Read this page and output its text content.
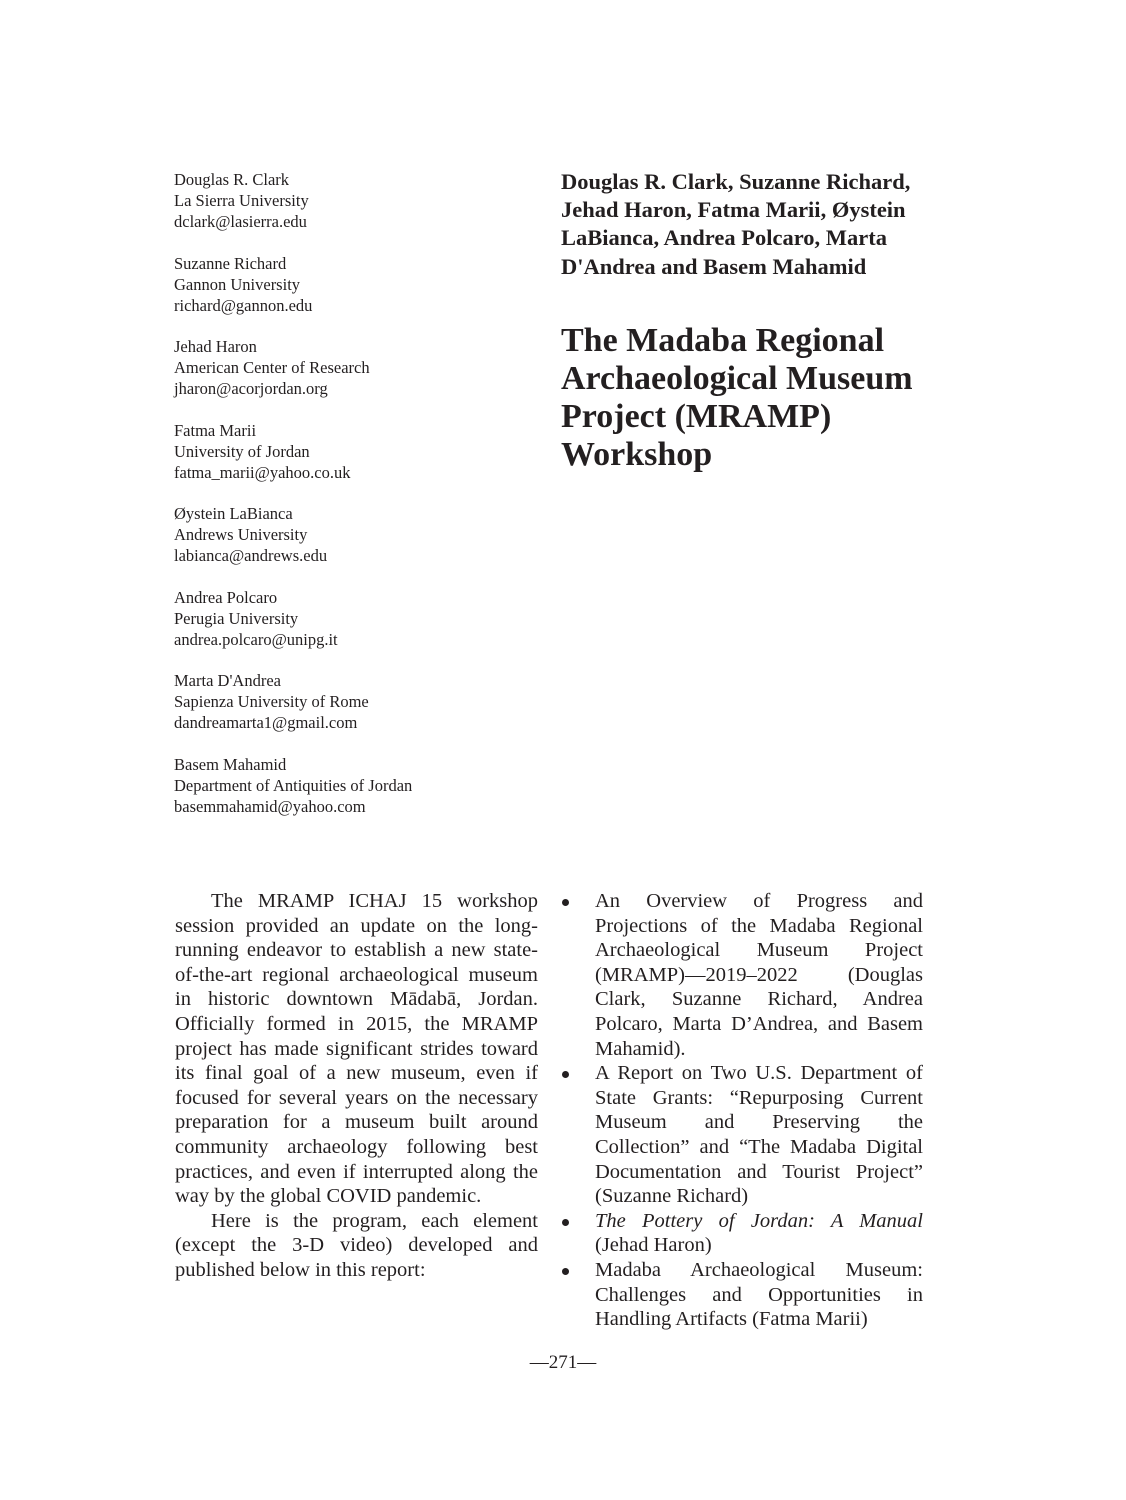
Douglas R. Clark
La Sierra University
dclark@lasierra.edu
Suzanne Richard
Gannon University
richard@gannon.edu
Jehad Haron
American Center of Research
jharon@acorjordan.org
Fatma Marii
University of Jordan
fatma_marii@yahoo.co.uk
Øystein LaBianca
Andrews University
labianca@andrews.edu
Andrea Polcaro
Perugia University
andrea.polcaro@unipg.it
Marta D'Andrea
Sapienza University of Rome
dandreamarta1@gmail.com
Basem Mahamid
Department of Antiquities of Jordan
basemmahamid@yahoo.com

Douglas R. Clark, Suzanne Richard, Jehad Haron, Fatma Marii, Øystein LaBianca, Andrea Polcaro, Marta D'Andrea and Basem Mahamid

The Madaba Regional Archaeological Museum Project (MRAMP) Workshop

The MRAMP ICHAJ 15 workshop session provided an update on the long-running endeavor to establish a new state-of-the-art regional archaeological museum in historic downtown Mādabā, Jordan. Officially formed in 2015, the MRAMP project has made significant strides toward its final goal of a new museum, even if focused for several years on the necessary preparation for a museum built around community archaeology following best practices, and even if interrupted along the way by the global COVID pandemic.

Here is the program, each element (except the 3-D video) developed and published below in this report:

An Overview of Progress and Projections of the Madaba Regional Archaeological Museum Project (MRAMP)—2019–2022 (Douglas Clark, Suzanne Richard, Andrea Polcaro, Marta D’Andrea, and Basem Mahamid).
A Report on Two U.S. Department of State Grants: “Repurposing Current Museum and Preserving the Collection” and “The Madaba Digital Documentation and Tourist Project” (Suzanne Richard)
The Pottery of Jordan: A Manual (Jehad Haron)
Madaba Archaeological Museum: Challenges and Opportunities in Handling Artifacts (Fatma Marii)
—271—
